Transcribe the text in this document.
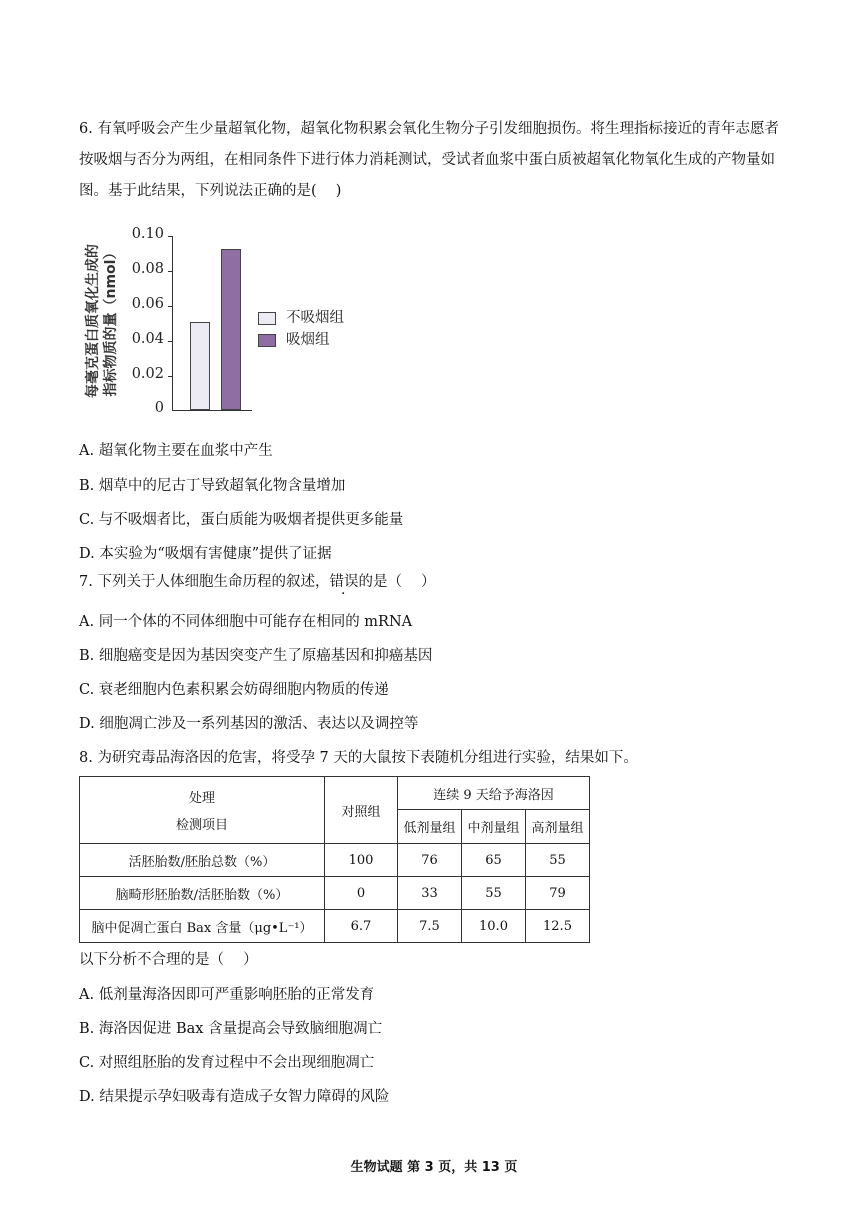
6. 有氧呼吸会产生少量超氧化物，超氧化物积累会氧化生物分子引发细胞损伤。将生理指标接近的青年志愿者按吸烟与否分为两组，在相同条件下进行体力消耗测试，受试者血浆中蛋白质被超氧化物氧化生成的产物量如图。基于此结果，下列说法正确的是(　 )
每毫克蛋白质氧化生成的 指标物质的量（nmol）
0.10
0.08
0.06
0.04
0.02
0
不吸烟组
吸烟组
A. 超氧化物主要在血浆中产生
B. 烟草中的尼古丁导致超氧化物含量增加
C. 与不吸烟者比，蛋白质能为吸烟者提供更多能量
D. 本实验为“吸烟有害健康”提供了证据
7. 下列关于人体细胞生命历程的叙述，错误的是（　 ）
A. 同一个体的不同体细胞中可能存在相同的 mRNA
B. 细胞癌变是因为基因突变产生了原癌基因和抑癌基因
C. 衰老细胞内色素积累会妨碍细胞内物质的传递
D. 细胞凋亡涉及一系列基因的激活、表达以及调控等
8. 为研究毒品海洛因的危害，将受孕 7 天的大鼠按下表随机分组进行实验，结果如下。
处理
检测项目	对照组	连续 9 天给予海洛因		
		低剂量组	中剂量组	高剂量组
活胚胎数/胚胎总数（%）	100	76	65	55
脑畸形胚胎数/活胚胎数（%）	0	33	55	79
脑中促凋亡蛋白 Bax 含量（μg•L⁻¹）	6.7	7.5	10.0	12.5
以下分析不合理的是（　 ）
A. 低剂量海洛因即可严重影响胚胎的正常发育
B. 海洛因促进 Bax 含量提高会导致脑细胞凋亡
C. 对照组胚胎的发育过程中不会出现细胞凋亡
D. 结果提示孕妇吸毒有造成子女智力障碍的风险
生物试题 第 3 页，共 13 页
